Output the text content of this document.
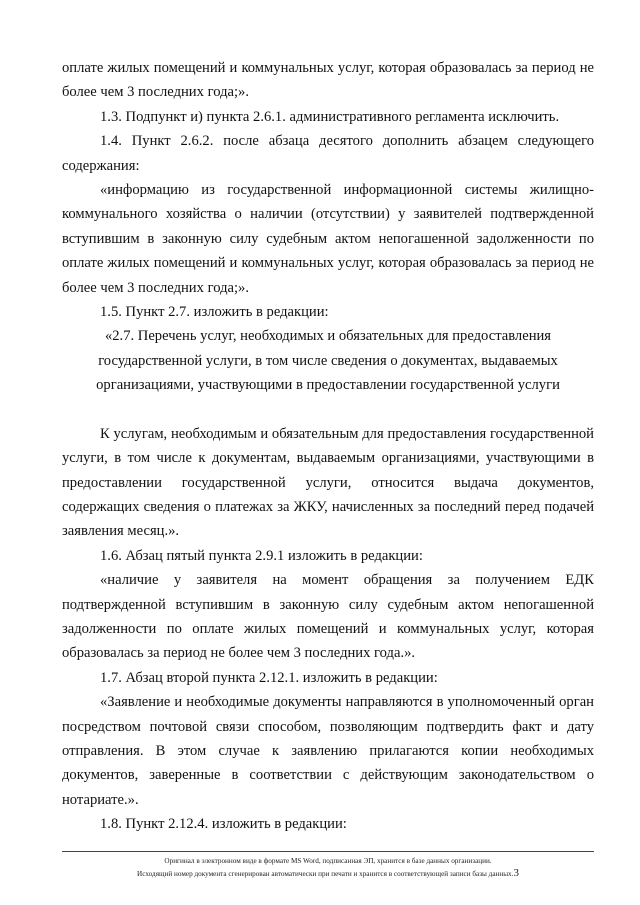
оплате жилых помещений и коммунальных услуг, которая образовалась за период не более чем 3 последних года;».

1.3. Подпункт и) пункта 2.6.1. административного регламента исключить.

1.4. Пункт 2.6.2. после абзаца десятого дополнить абзацем следующего содержания:

«информацию из государственной информационной системы жилищно-коммунального хозяйства о наличии (отсутствии) у заявителей подтвержденной вступившим в законную силу судебным актом непогашенной задолженности по оплате жилых помещений и коммунальных услуг, которая образовалась за период не более чем 3 последних года;».

1.5. Пункт 2.7. изложить в редакции:

«2.7. Перечень услуг, необходимых и обязательных для предоставления государственной услуги, в том числе сведения о документах, выдаваемых организациями, участвующими в предоставлении государственной услуги

К услугам, необходимым и обязательным для предоставления государственной услуги, в том числе к документам, выдаваемым организациями, участвующими в предоставлении государственной услуги, относится выдача документов, содержащих сведения о платежах за ЖКУ, начисленных за последний перед подачей заявления месяц.».

1.6. Абзац пятый пункта 2.9.1 изложить в редакции:

«наличие у заявителя на момент обращения за получением ЕДК подтвержденной вступившим в законную силу судебным актом непогашенной задолженности по оплате жилых помещений и коммунальных услуг, которая образовалась за период не более чем 3 последних года.».

1.7. Абзац второй пункта 2.12.1. изложить в редакции:

«Заявление и необходимые документы направляются в уполномоченный орган посредством почтовой связи способом, позволяющим подтвердить факт и дату отправления. В этом случае к заявлению прилагаются копии необходимых документов, заверенные в соответствии с действующим законодательством о нотариате.».

1.8. Пункт 2.12.4. изложить в редакции:

Оригинал в электронном виде в формате MS Word, подписанная ЭП, хранится в базе данных организации.
Исходящий номер документа сгенерирован автоматически при печати и хранится в соответствующей записи базы данных.3
